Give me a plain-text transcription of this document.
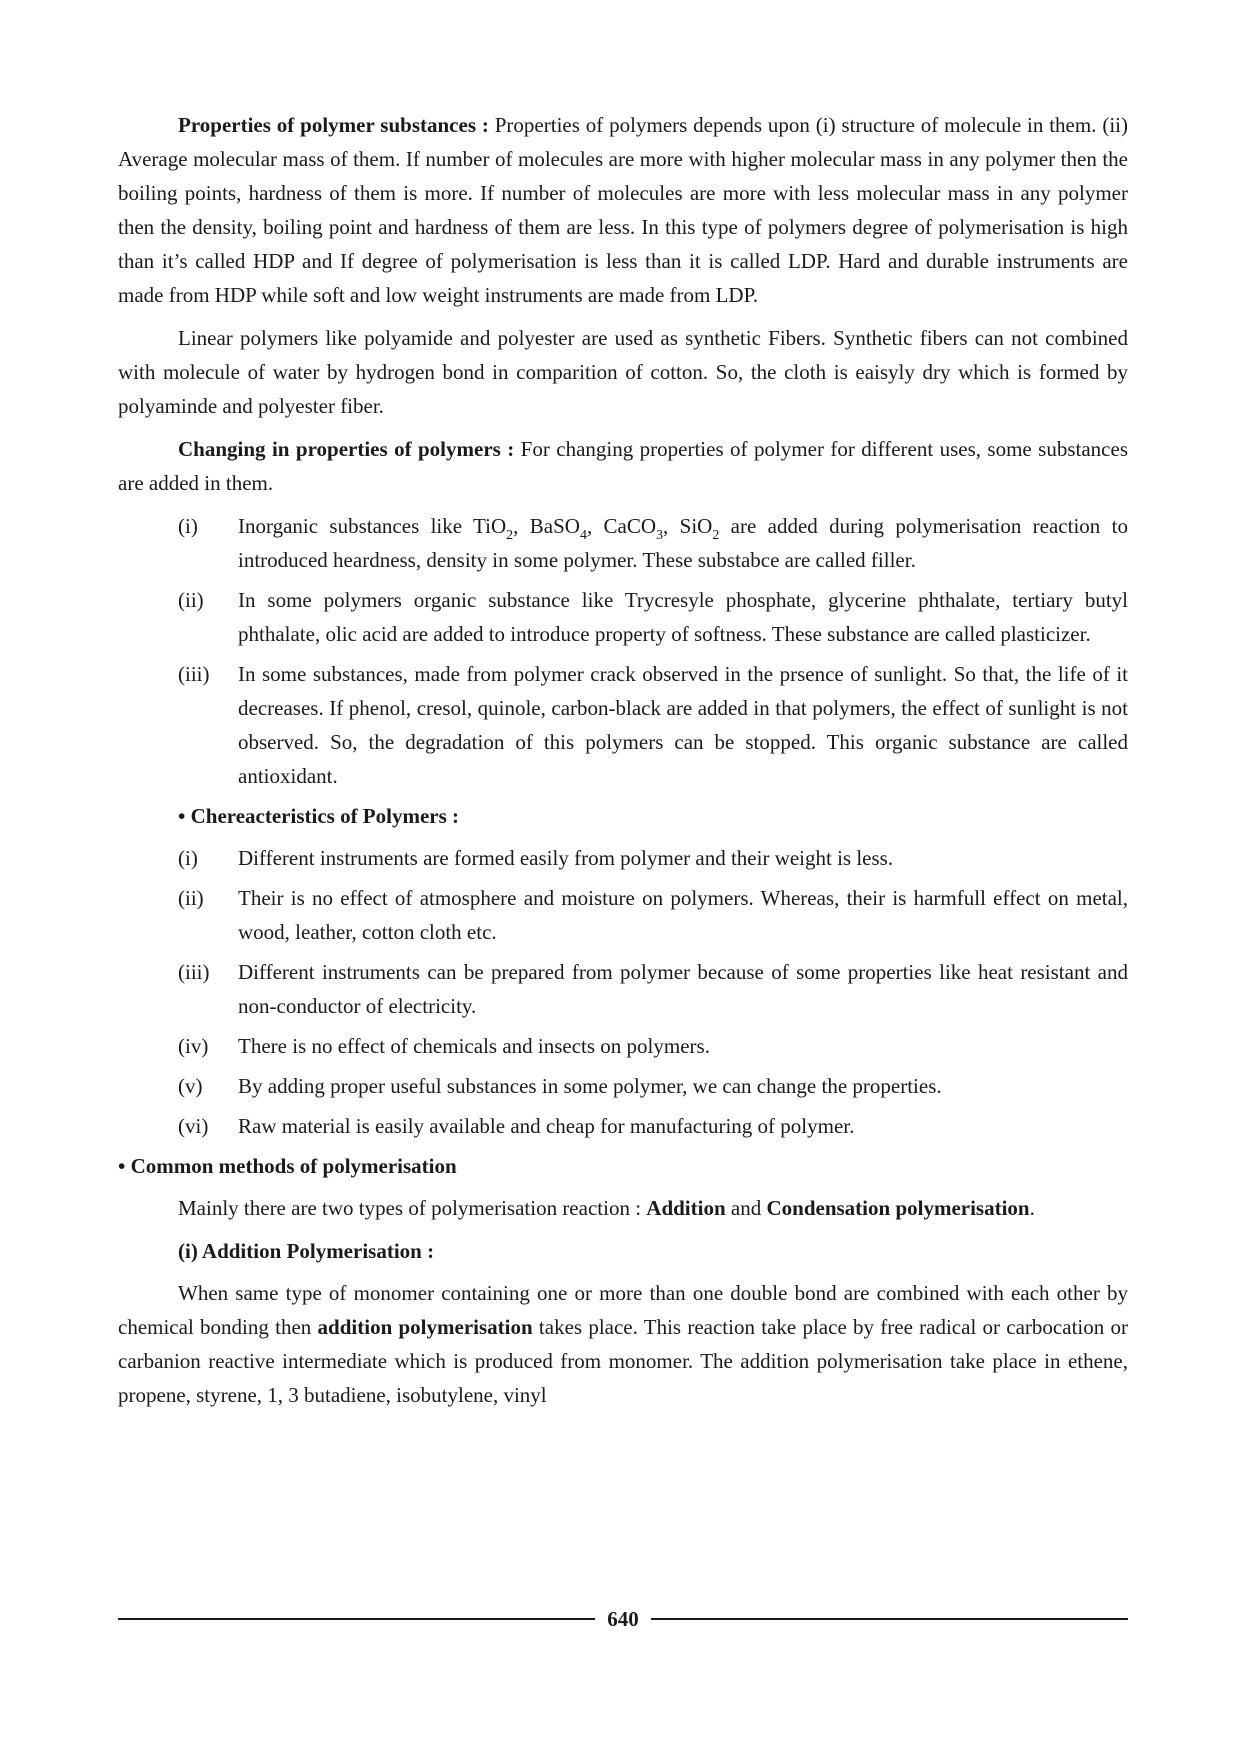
Properties of polymer substances : Properties of polymers depends upon (i) structure of molecule in them. (ii) Average molecular mass of them. If number of molecules are more with higher molecular mass in any polymer then the boiling points, hardness of them is more. If number of molecules are more with less molecular mass in any polymer then the density, boiling point and hardness of them are less. In this type of polymers degree of polymerisation is high than it’s called HDP and If degree of polymerisation is less than it is called LDP. Hard and durable instruments are made from HDP while soft and low weight instruments are made from LDP.

Linear polymers like polyamide and polyester are used as synthetic Fibers. Synthetic fibers can not combined with molecule of water by hydrogen bond in comparition of cotton. So, the cloth is eaisyly dry which is formed by polyaminde and polyester fiber.

Changing in properties of polymers : For changing properties of polymer for different uses, some substances are added in them.

(i)	Inorganic substances like TiO$_2$, BaSO$_4$, CaCO$_3$, SiO$_2$ are added during polymerisation reaction to introduced heardness, density in some polymer. These substabce are called filler.
(ii)	In some polymers organic substance like Trycresyle phosphate, glycerine phthalate, tertiary butyl phthalate, olic acid are added to introduce property of softness. These substance are called plasticizer.
(iii)	In some substances, made from polymer crack observed in the prsence of sunlight. So that, the life of it decreases. If phenol, cresol, quinole, carbon-black are added in that polymers, the effect of sunlight is not observed. So, the degradation of this polymers can be stopped. This organic substance are called antioxidant.
• Chereacteristics of Polymers :
(i)	Different instruments are formed easily from polymer and their weight is less.
(ii)	Their is no effect of atmosphere and moisture on polymers. Whereas, their is harmfull effect on metal, wood, leather, cotton cloth etc.
(iii)	Different instruments can be prepared from polymer because of some properties like heat resistant and non-conductor of electricity.
(iv)	There is no effect of chemicals and insects on polymers.
(v)	By adding proper useful substances in some polymer, we can change the properties.
(vi)	Raw material is easily available and cheap for manufacturing of polymer.
• Common methods of polymerisation

Mainly there are two types of polymerisation reaction : Addition and Condensation polymerisation.

(i) Addition Polymerisation :

When same type of monomer containing one or more than one double bond are combined with each other by chemical bonding then addition polymerisation takes place. This reaction take place by free radical or carbocation or carbanion reactive intermediate which is produced from monomer. The addition polymerisation take place in ethene, propene, styrene, 1, 3 butadiene, isobutylene, vinyl

640
